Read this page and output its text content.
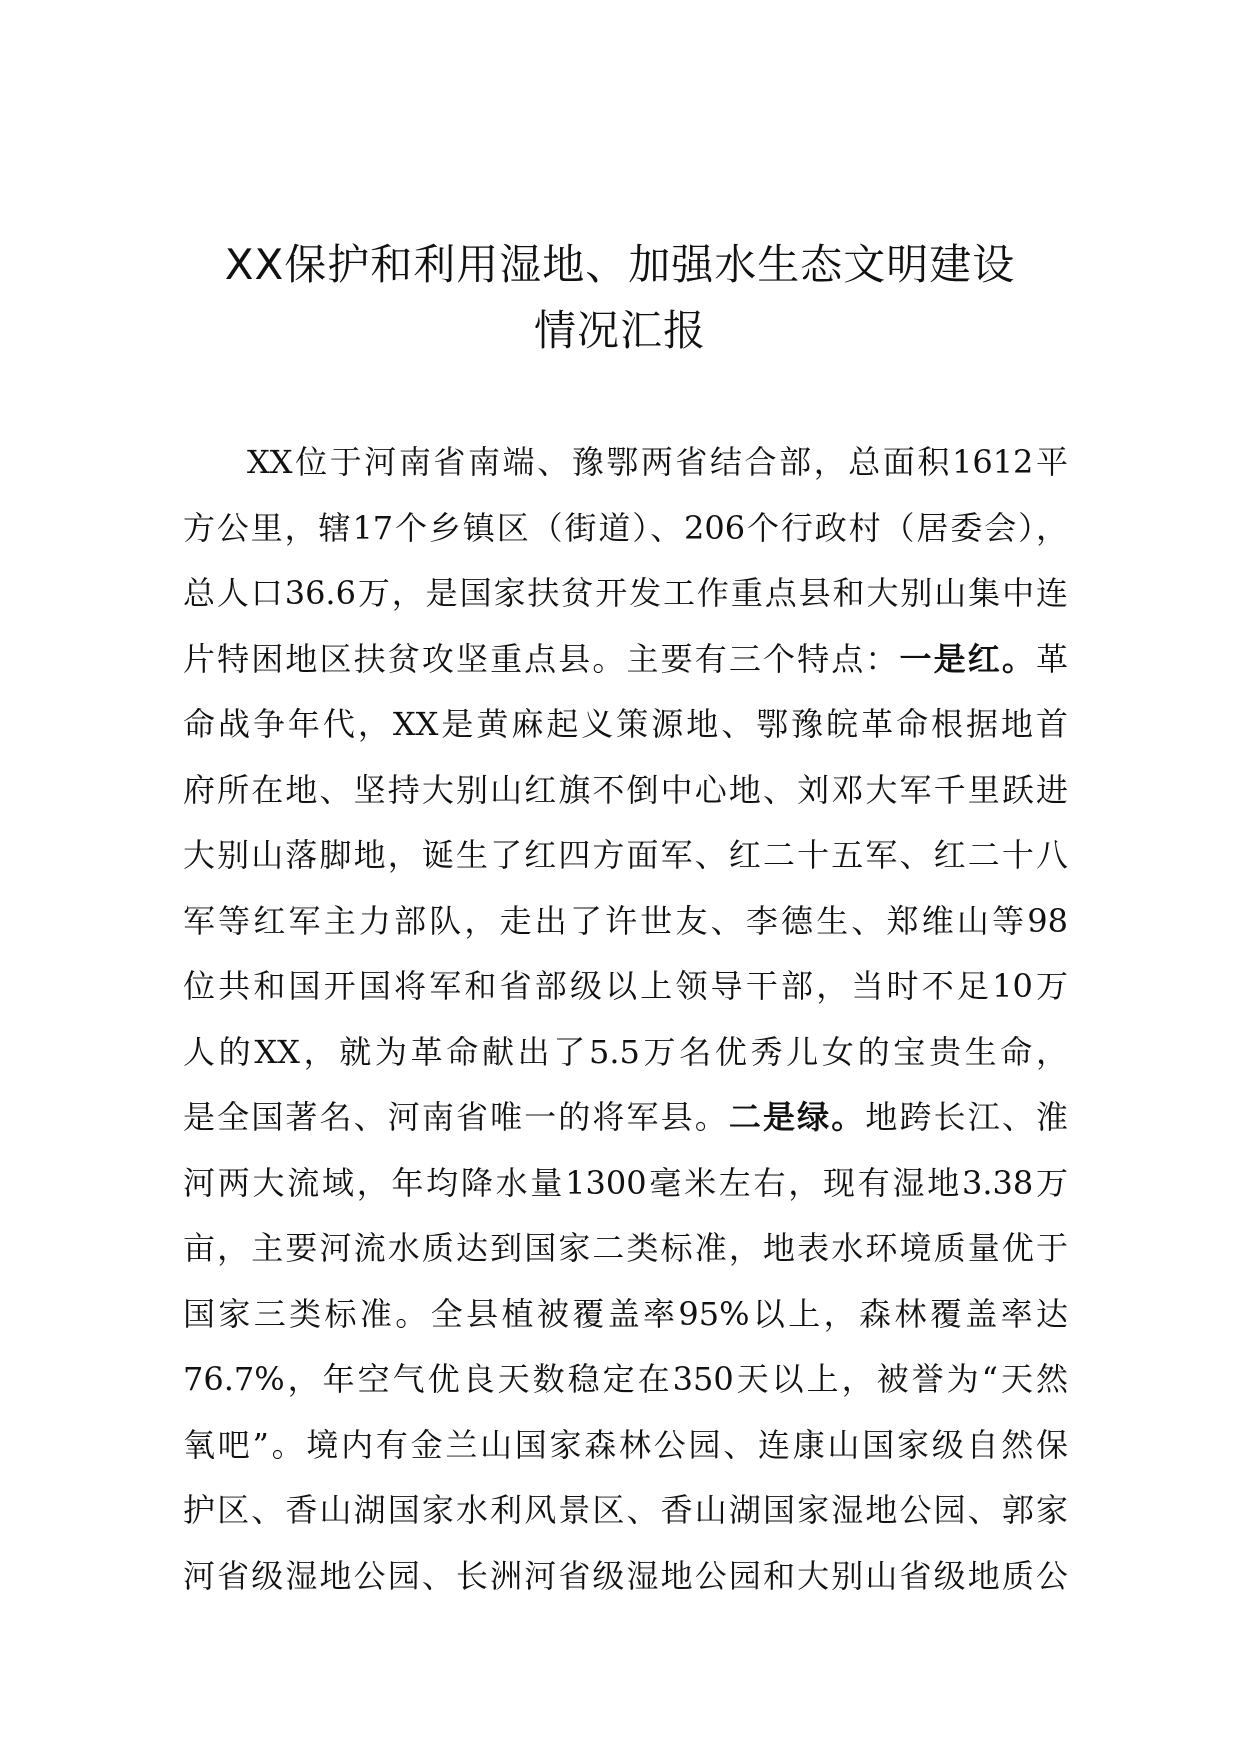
XX保护和利用湿地、加强水生态文明建设
情况汇报
XX位于河南省南端、豫鄂两省结合部，总面积1612平
方公里，辖17个乡镇区（街道）、206个行政村（居委会），
总人口36.6万，是国家扶贫开发工作重点县和大别山集中连
片特困地区扶贫攻坚重点县。主要有三个特点：一是红。革
命战争年代，XX是黄麻起义策源地、鄂豫皖革命根据地首
府所在地、坚持大别山红旗不倒中心地、刘邓大军千里跃进
大别山落脚地，诞生了红四方面军、红二十五军、红二十八
军等红军主力部队，走出了许世友、李德生、郑维山等98
位共和国开国将军和省部级以上领导干部，当时不足10万
人的XX，就为革命献出了5.5万名优秀儿女的宝贵生命，
是全国著名、河南省唯一的将军县。二是绿。地跨长江、淮
河两大流域，年均降水量1300毫米左右，现有湿地3.38万
亩，主要河流水质达到国家二类标准，地表水环境质量优于
国家三类标准。全县植被覆盖率95%以上，森林覆盖率达
76.7%，年空气优良天数稳定在350天以上，被誉为“天然
氧吧”。境内有金兰山国家森林公园、连康山国家级自然保
护区、香山湖国家水利风景区、香山湖国家湿地公园、郭家
河省级湿地公园、长洲河省级湿地公园和大别山省级地质公
